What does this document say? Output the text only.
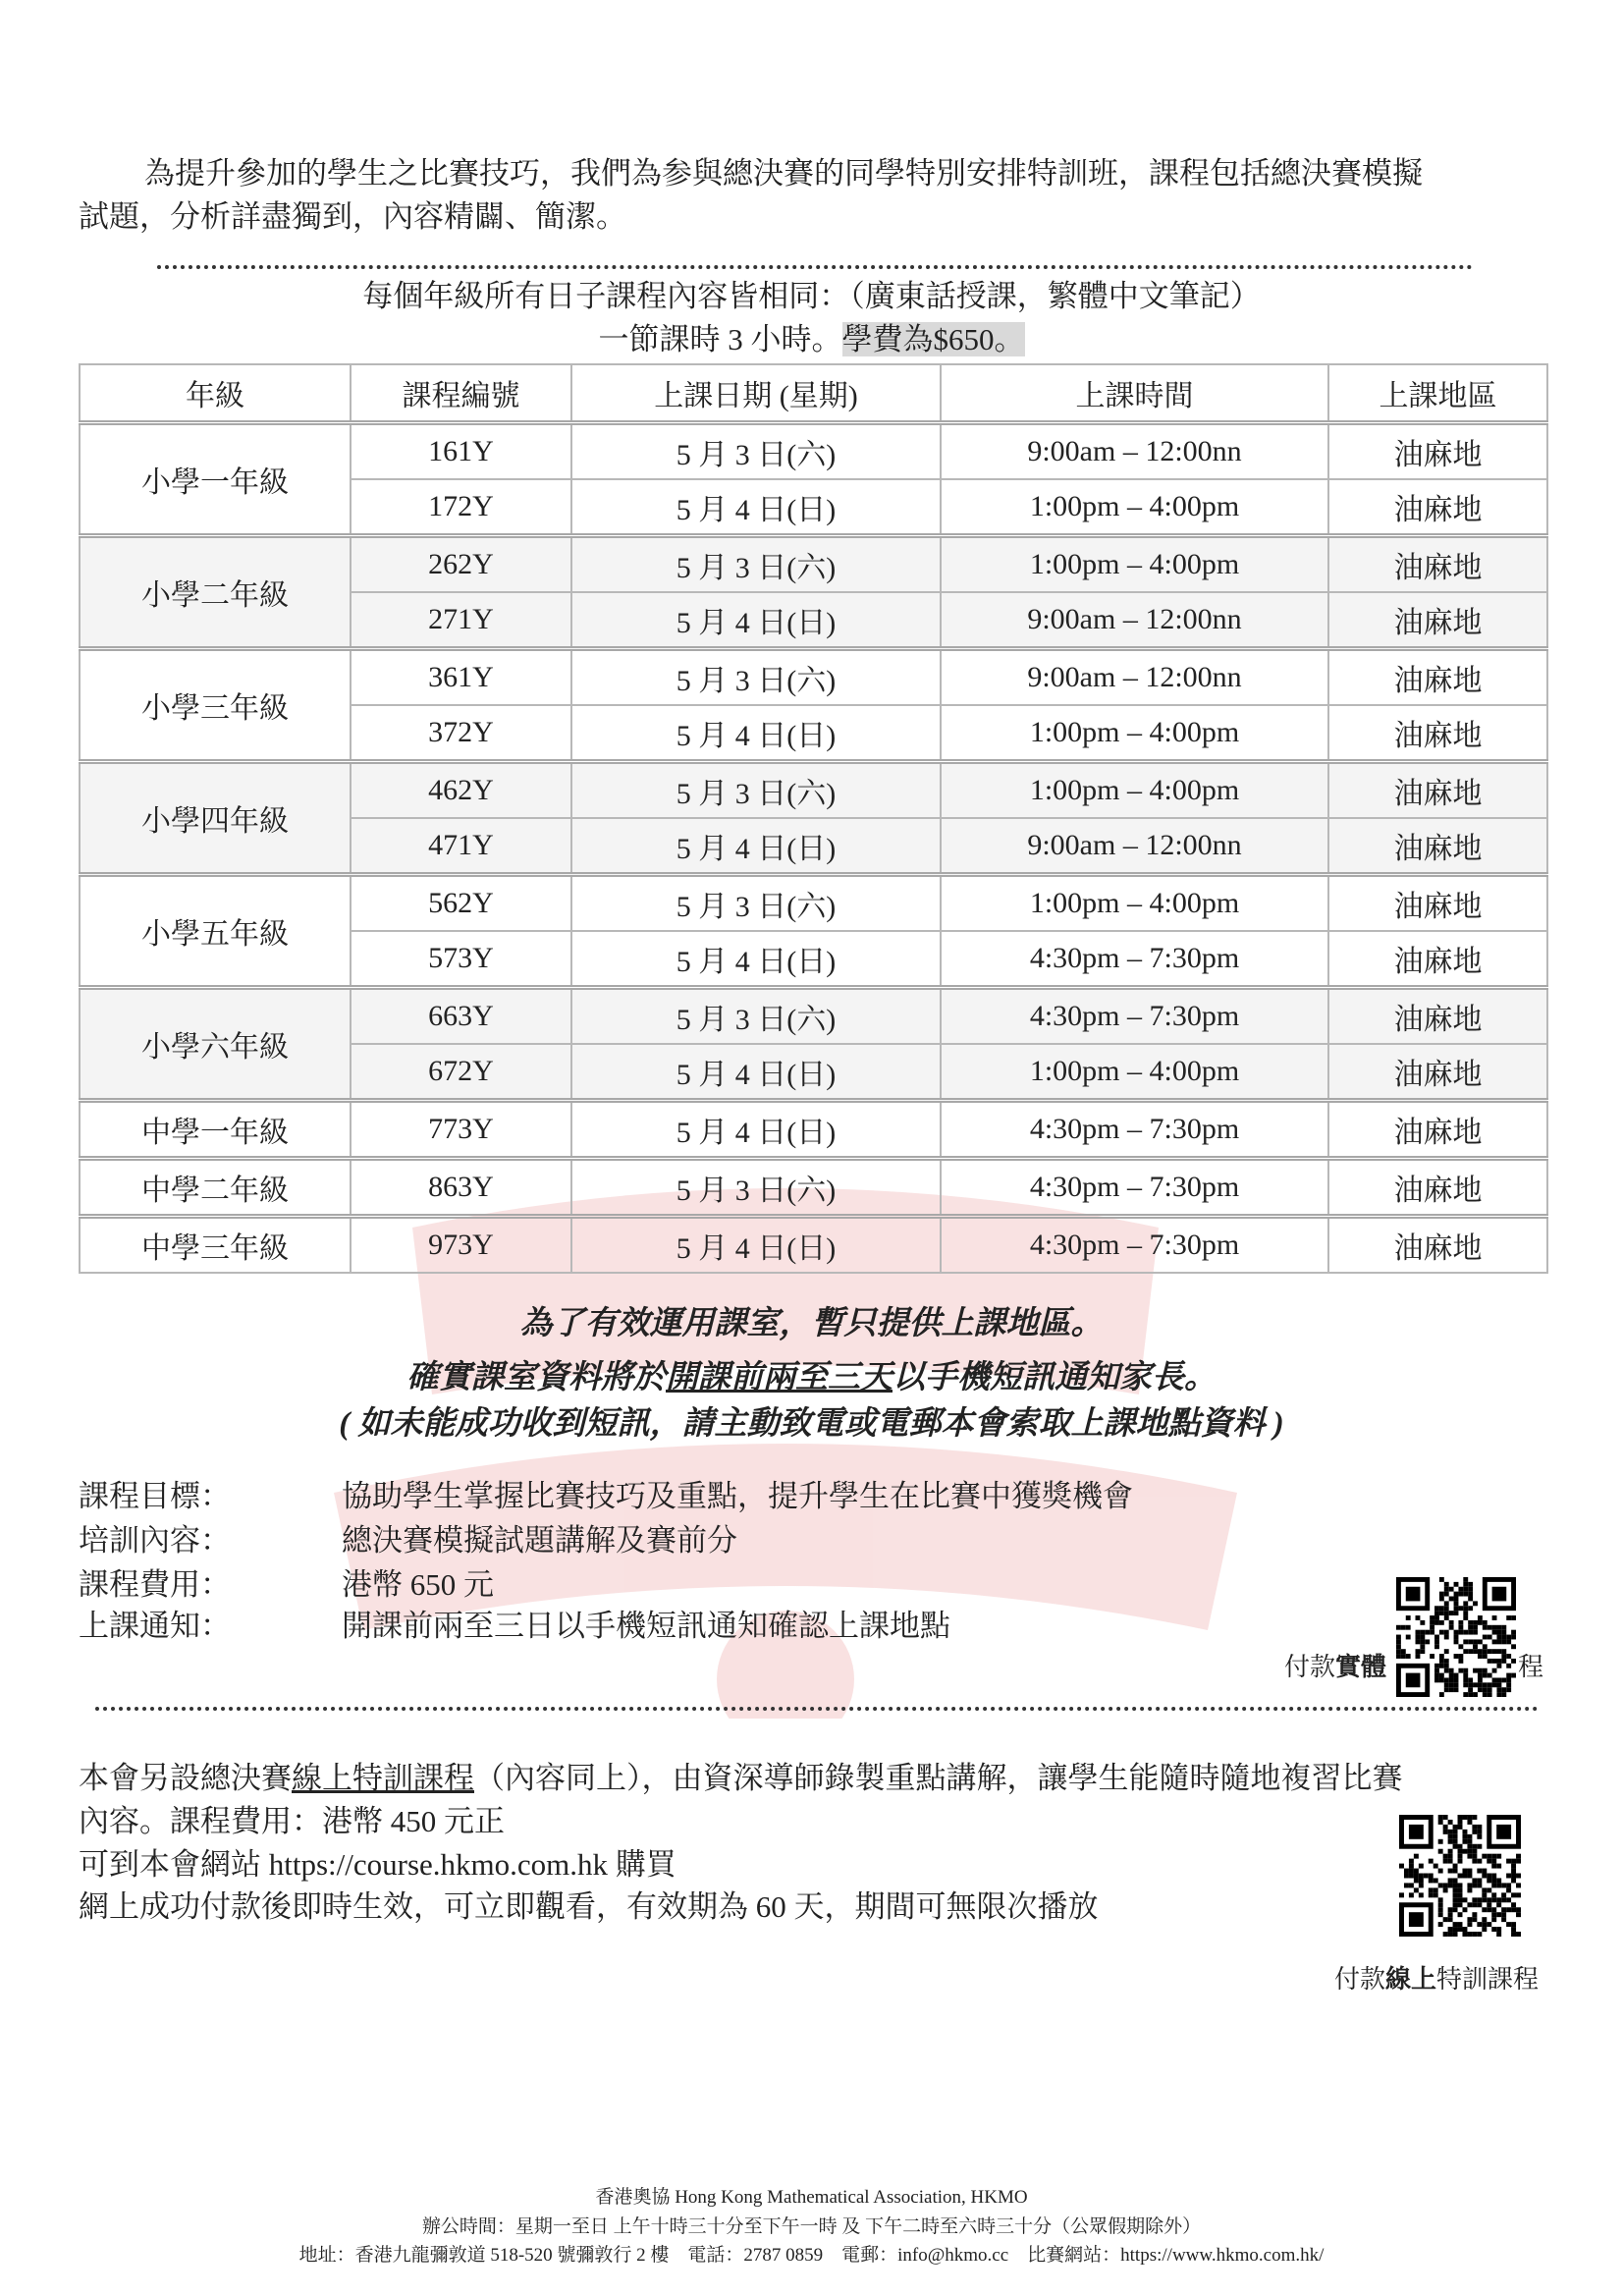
為提升參加的學生之比賽技巧，我們為参與總決賽的同學特別安排特訓班，課程包括總決賽模擬
試題，分析詳盡獨到，內容精闢、簡潔。
每個年級所有日子課程內容皆相同：（廣東話授課，繁體中文筆記）
一節課時 3 小時。學費為$650。
年級	課程編號	上課日期 (星期)	上課時間	上課地區
小學一年級	161Y	5 月 3 日(六)	9:00am – 12:00nn	油麻地
	172Y	5 月 4 日(日)	1:00pm – 4:00pm	油麻地
小學二年級	262Y	5 月 3 日(六)	1:00pm – 4:00pm	油麻地
	271Y	5 月 4 日(日)	9:00am – 12:00nn	油麻地
小學三年級	361Y	5 月 3 日(六)	9:00am – 12:00nn	油麻地
	372Y	5 月 4 日(日)	1:00pm – 4:00pm	油麻地
小學四年級	462Y	5 月 3 日(六)	1:00pm – 4:00pm	油麻地
	471Y	5 月 4 日(日)	9:00am – 12:00nn	油麻地
小學五年級	562Y	5 月 3 日(六)	1:00pm – 4:00pm	油麻地
	573Y	5 月 4 日(日)	4:30pm – 7:30pm	油麻地
小學六年級	663Y	5 月 3 日(六)	4:30pm – 7:30pm	油麻地
	672Y	5 月 4 日(日)	1:00pm – 4:00pm	油麻地
中學一年級	773Y	5 月 4 日(日)	4:30pm – 7:30pm	油麻地
中學二年級	863Y	5 月 3 日(六)	4:30pm – 7:30pm	油麻地
中學三年級	973Y	5 月 4 日(日)	4:30pm – 7:30pm	油麻地
為了有效運用課室，暫只提供上課地區。
確實課室資料將於開課前兩至三天以手機短訊通知家長。
( 如未能成功收到短訊，請主動致電或電郵本會索取上課地點資料 )
課程目標：	協助學生掌握比賽技巧及重點，提升學生在比賽中獲獎機會
培訓內容：	總決賽模擬試題講解及賽前分
課程費用：	港幣 650 元
上課通知：	開課前兩至三日以手機短訊通知確認上課地點
付款實體	程
本會另設總決賽線上特訓課程（內容同上），由資深導師錄製重點講解，讓學生能隨時隨地複習比賽
內容。課程費用：港幣 450 元正
可到本會網站 https://course.hkmo.com.hk 購買
網上成功付款後即時生效，可立即觀看，有效期為 60 天，期間可無限次播放
付款線上特訓課程
香港奧協 Hong Kong Mathematical Association, HKMO
辦公時間：星期一至日 上午十時三十分至下午一時 及 下午二時至六時三十分（公眾假期除外）
地址：香港九龍彌敦道 518-520 號彌敦行 2 樓　電話：2787 0859　電郵：info@hkmo.cc　比賽網站：https://www.hkmo.com.hk/
